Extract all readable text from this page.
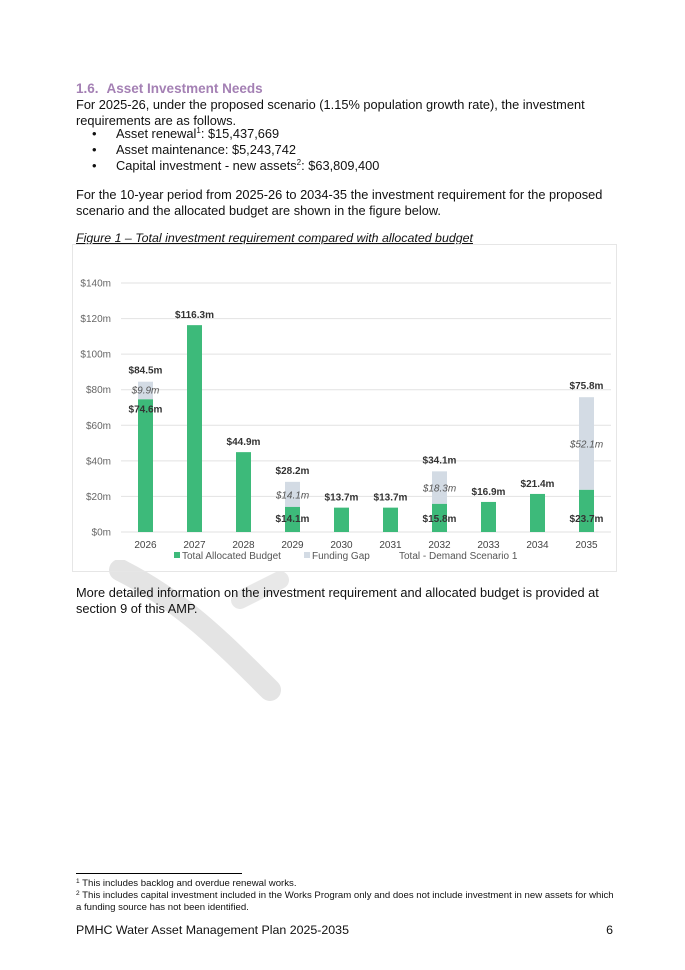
1.6. Asset Investment Needs
For 2025-26, under the proposed scenario (1.15% population growth rate), the investment requirements are as follows.
• Asset renewal$^1$: $15,437,669
• Asset maintenance: $5,243,742
• Capital investment - new assets$^2$: $63,809,400
For the 10-year period from 2025-26 to 2034-35 the investment requirement for the proposed scenario and the allocated budget are shown in the figure below.
Figure 1 – Total investment requirement compared with allocated budget
$0m
$20m
$40m
$60m
$80m
$100m
$120m
$140m
2026
$84.5m
$9.9m
$74.6m
2027
$116.3m
2028
$44.9m
2029
$28.2m
$14.1m
$14.1m
2030
$13.7m
2031
$13.7m
2032
$34.1m
$18.3m
$15.8m
2033
$16.9m
2034
$21.4m
2035
$75.8m
$52.1m
$23.7m
Total Allocated Budget	Funding Gap	Total - Demand Scenario 1
More detailed information on the investment requirement and allocated budget is provided at section 9 of this AMP.
$^1$ This includes backlog and overdue renewal works.
$^2$ This includes capital investment included in the Works Program only and does not include investment in new assets for which a funding source has not been identified.
PMHC Water Asset Management Plan 2025-2035	6
